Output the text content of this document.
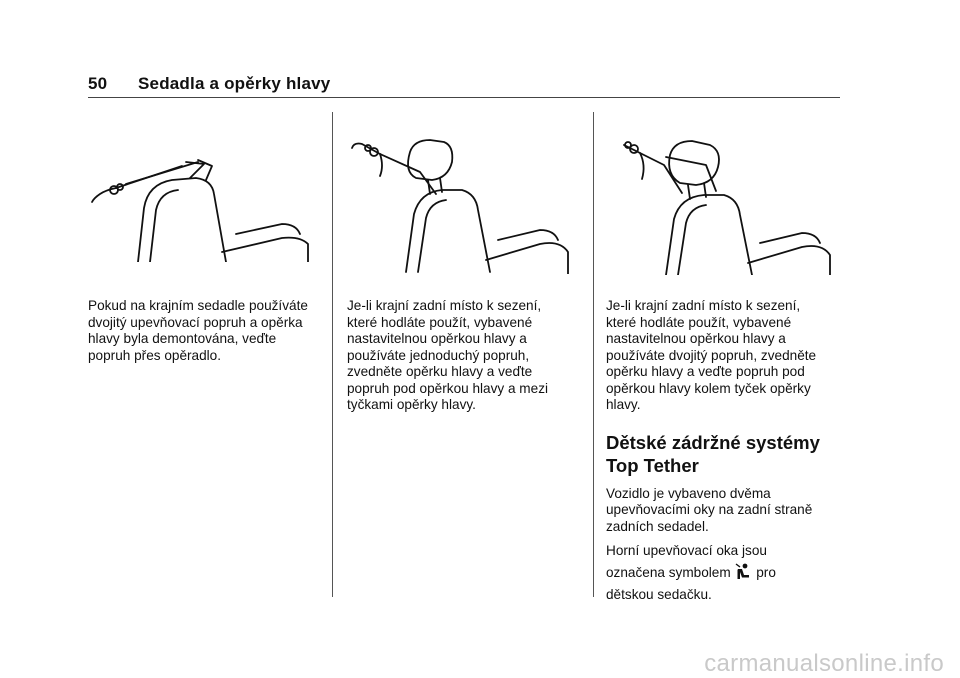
50 Sedadla a opěrky hlavy

Pokud na krajním sedadle používáte

dvojitý upevňovací popruh a opěrka

hlavy byla demontována, veďte

popruh přes opěradlo.

Je-li krajní zadní místo k sezení,

které hodláte použít, vybavené

nastavitelnou opěrkou hlavy a

používáte jednoduchý popruh,

zvedněte opěrku hlavy a veďte

popruh pod opěrkou hlavy a mezi

tyčkami opěrky hlavy.

Je-li krajní zadní místo k sezení,

které hodláte použít, vybavené

nastavitelnou opěrkou hlavy a

používáte dvojitý popruh, zvedněte

opěrku hlavy a veďte popruh pod

opěrkou hlavy kolem tyček opěrky

hlavy.

Dětské zádržné systémy

Top Tether

Vozidlo je vybaveno dvěma

upevňovacími oky na zadní straně

zadních sedadel.

Horní upevňovací oka jsou

označena symbolem pro

dětskou sedačku.

carmanualsonline.info
